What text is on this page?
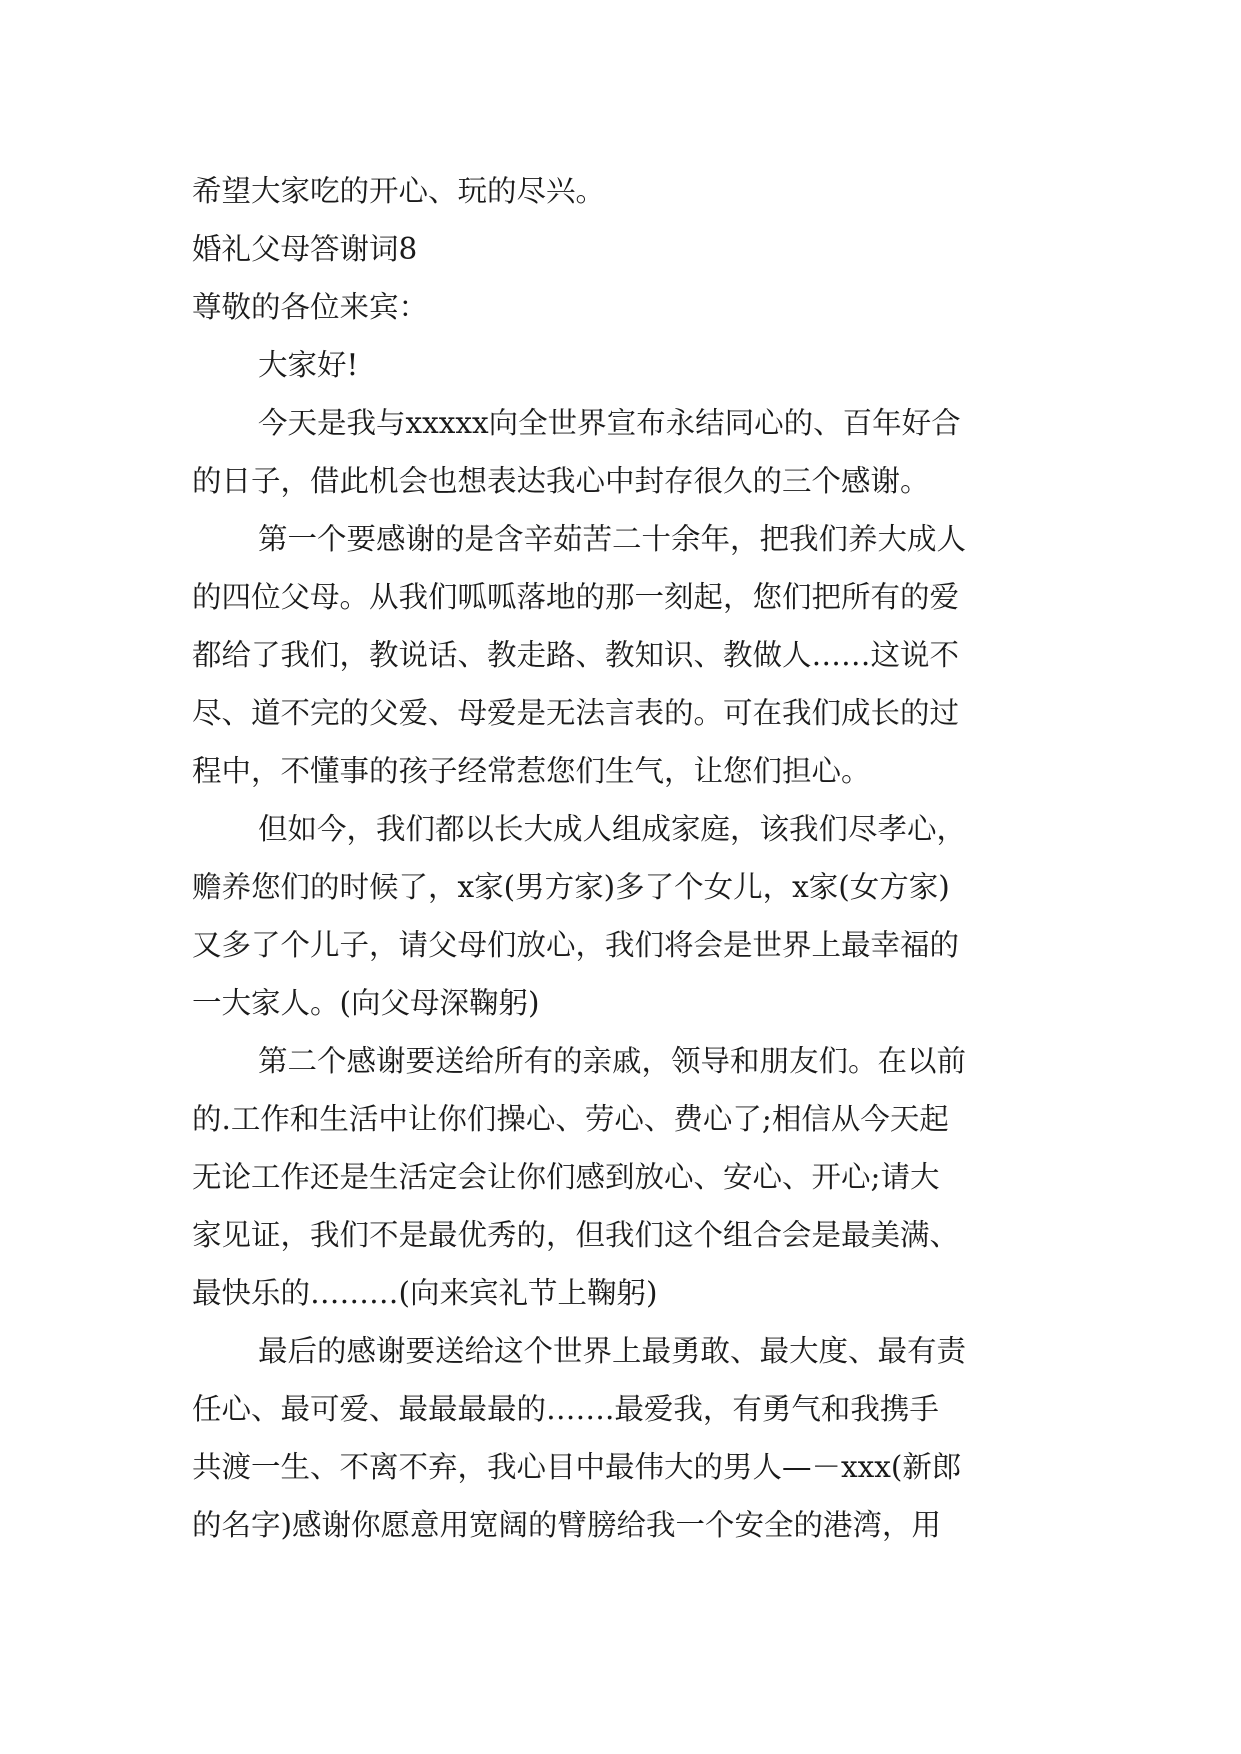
希望大家吃的开心、玩的尽兴。
婚礼父母答谢词8
尊敬的各位来宾：
大家好!
今天是我与xxxxx向全世界宣布永结同心的、百年好合
的日子，借此机会也想表达我心中封存很久的三个感谢。
第一个要感谢的是含辛茹苦二十余年，把我们养大成人
的四位父母。从我们呱呱落地的那一刻起，您们把所有的爱
都给了我们，教说话、教走路、教知识、教做人……这说不
尽、道不完的父爱、母爱是无法言表的。可在我们成长的过
程中，不懂事的孩子经常惹您们生气，让您们担心。
但如今，我们都以长大成人组成家庭，该我们尽孝心，
赡养您们的时候了，x家(男方家)多了个女儿，x家(女方家)
又多了个儿子，请父母们放心，我们将会是世界上最幸福的
一大家人。(向父母深鞠躬)
第二个感谢要送给所有的亲戚，领导和朋友们。在以前
的.工作和生活中让你们操心、劳心、费心了;相信从今天起
无论工作还是生活定会让你们感到放心、安心、开心;请大
家见证，我们不是最优秀的，但我们这个组合会是最美满、
最快乐的………(向来宾礼节上鞠躬)
最后的感谢要送给这个世界上最勇敢、最大度、最有责
任心、最可爱、最最最最的…….最爱我，有勇气和我携手
共渡一生、不离不弃，我心目中最伟大的男人—－xxx(新郎
的名字)感谢你愿意用宽阔的臂膀给我一个安全的港湾，用
